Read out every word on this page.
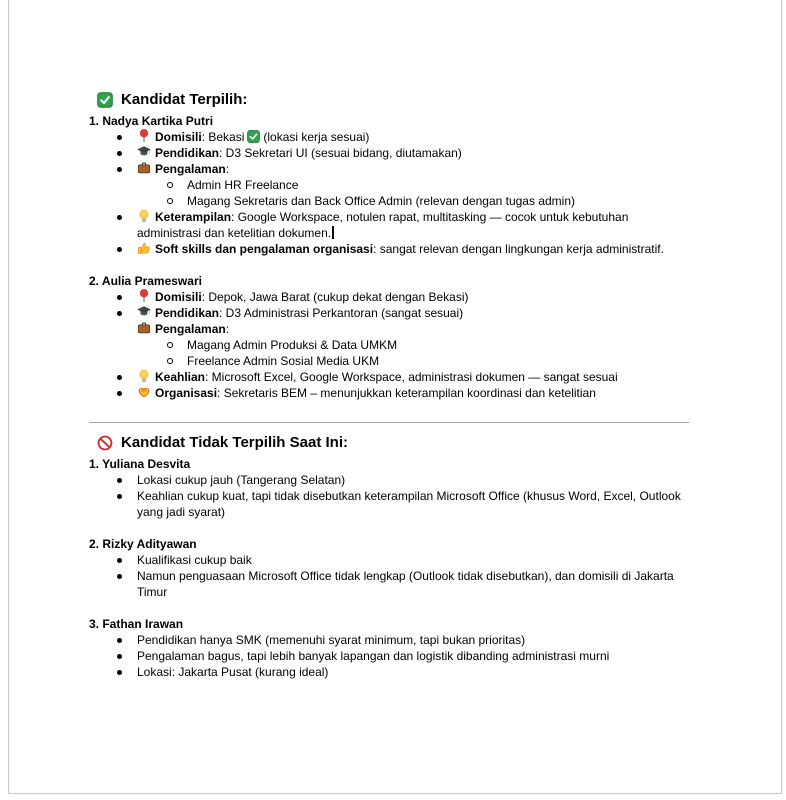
Kandidat Terpilih:
1. Nadya Kartika Putri
Domisili: Bekasi (lokasi kerja sesuai)
Pendidikan: D3 Sekretari UI (sesuai bidang, diutamakan)
Pengalaman:
Admin HR Freelance
Magang Sekretaris dan Back Office Admin (relevan dengan tugas admin)
Keterampilan: Google Workspace, notulen rapat, multitasking — cocok untuk kebutuhan administrasi dan ketelitian dokumen.
Soft skills dan pengalaman organisasi: sangat relevan dengan lingkungan kerja administratif.
2. Aulia Prameswari
Domisili: Depok, Jawa Barat (cukup dekat dengan Bekasi)
Pendidikan: D3 Administrasi Perkantoran (sangat sesuai)
Pengalaman:
Magang Admin Produksi & Data UMKM
Freelance Admin Sosial Media UKM
Keahlian: Microsoft Excel, Google Workspace, administrasi dokumen — sangat sesuai
Organisasi: Sekretaris BEM – menunjukkan keterampilan koordinasi dan ketelitian
Kandidat Tidak Terpilih Saat Ini:
1. Yuliana Desvita
Lokasi cukup jauh (Tangerang Selatan)
Keahlian cukup kuat, tapi tidak disebutkan keterampilan Microsoft Office (khusus Word, Excel, Outlook yang jadi syarat)
2. Rizky Adityawan
Kualifikasi cukup baik
Namun penguasaan Microsoft Office tidak lengkap (Outlook tidak disebutkan), dan domisili di Jakarta Timur
3. Fathan Irawan
Pendidikan hanya SMK (memenuhi syarat minimum, tapi bukan prioritas)
Pengalaman bagus, tapi lebih banyak lapangan dan logistik dibanding administrasi murni
Lokasi: Jakarta Pusat (kurang ideal)
